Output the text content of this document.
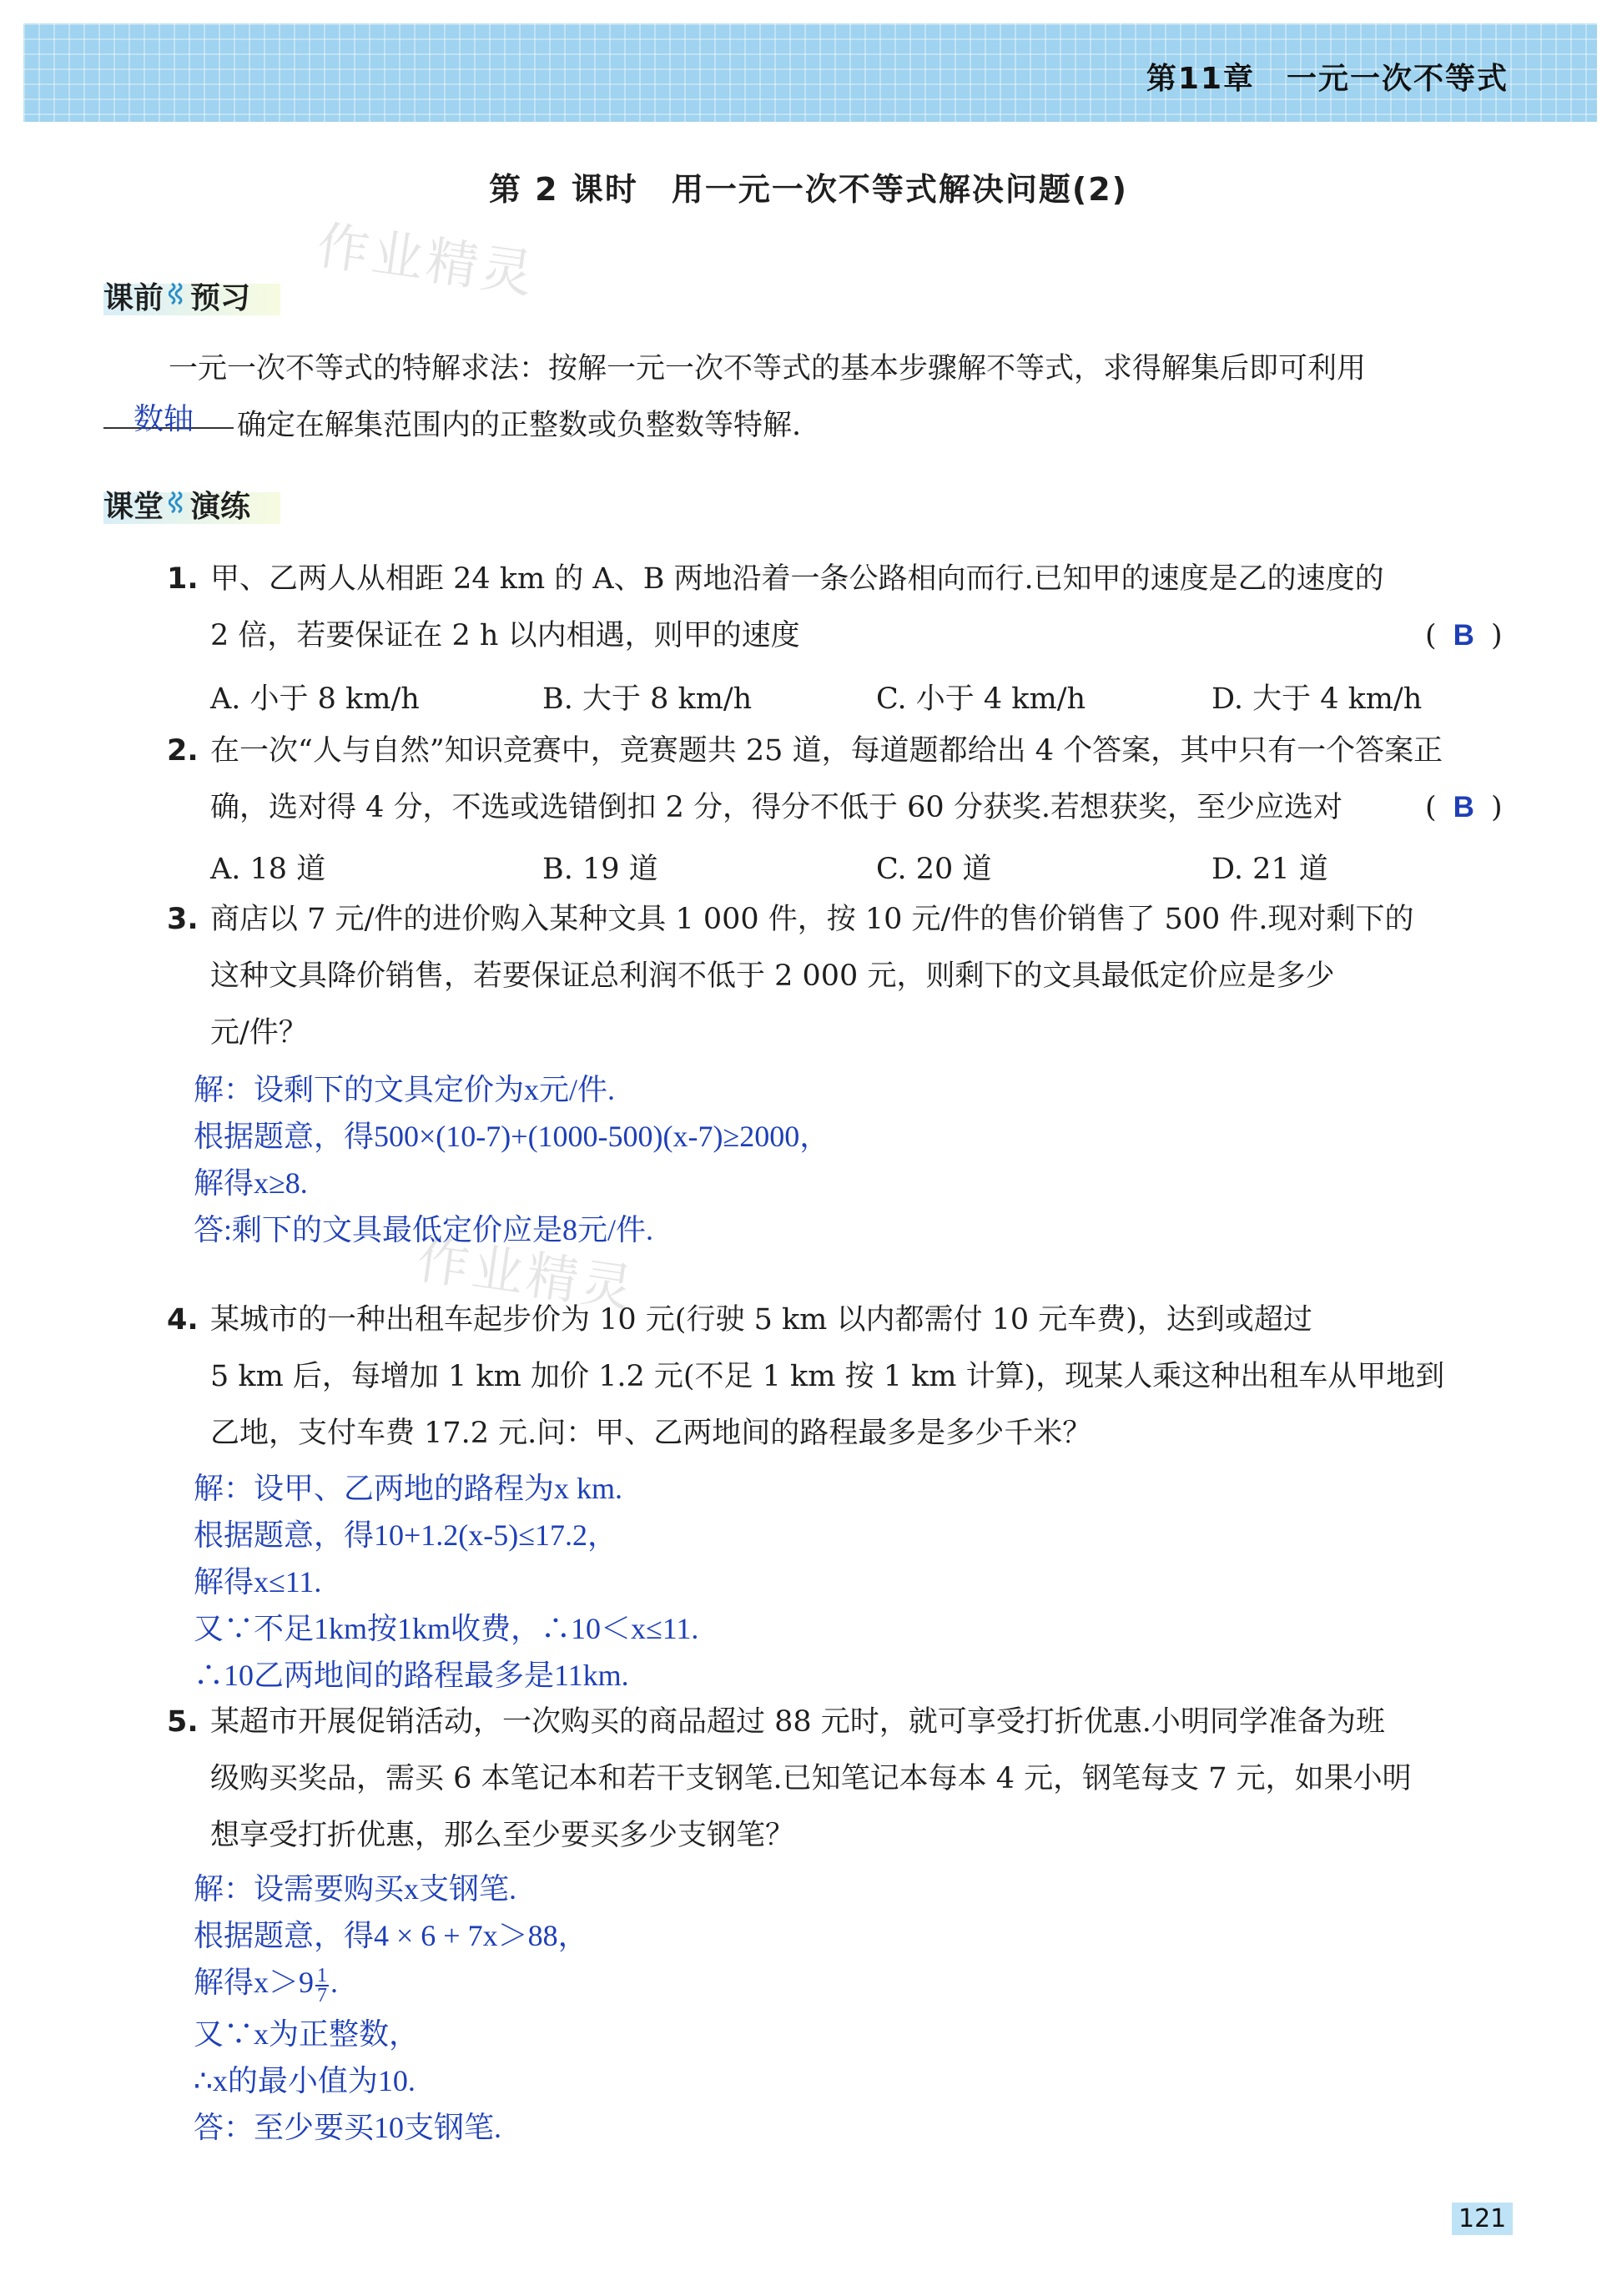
第11章　一元一次不等式
第 2 课时　用一元一次不等式解决问题(2)
作业精灵
作业精灵
课前 预习
一元一次不等式的特解求法：按解一元一次不等式的基本步骤解不等式，求得解集后即可利用
数轴 确定在解集范围内的正整数或负整数等特解.
课堂 演练
1. 甲、乙两人从相距 24 km 的 A、B 两地沿着一条公路相向而行.已知甲的速度是乙的速度的
2 倍，若要保证在 2 h 以内相遇，则甲的速度	( B )
A. 小于 8 km/h	B. 大于 8 km/h	C. 小于 4 km/h	D. 大于 4 km/h
2. 在一次“人与自然”知识竞赛中，竞赛题共 25 道，每道题都给出 4 个答案，其中只有一个答案正
确，选对得 4 分，不选或选错倒扣 2 分，得分不低于 60 分获奖.若想获奖，至少应选对	( B )
A. 18 道	B. 19 道	C. 20 道	D. 21 道
3. 商店以 7 元/件的进价购入某种文具 1 000 件，按 10 元/件的售价销售了 500 件.现对剩下的
这种文具降价销售，若要保证总利润不低于 2 000 元，则剩下的文具最低定价应是多少
元/件？
解：设剩下的文具定价为x元/件.
根据题意，得500×(10-7)+(1000-500)(x-7)≥2000，
解得x≥8.
答:剩下的文具最低定价应是8元/件.
4. 某城市的一种出租车起步价为 10 元(行驶 5 km 以内都需付 10 元车费)，达到或超过
5 km 后，每增加 1 km 加价 1.2 元(不足 1 km 按 1 km 计算)，现某人乘这种出租车从甲地到
乙地，支付车费 17.2 元.问：甲、乙两地间的路程最多是多少千米？
解：设甲、乙两地的路程为x km.
根据题意，得10+1.2(x-5)≤17.2，
解得x≤11.
又∵不足1km按1km收费，∴10＜x≤11.
∴10乙两地间的路程最多是11km.
5. 某超市开展促销活动，一次购买的商品超过 88 元时，就可享受打折优惠.小明同学准备为班
级购买奖品，需买 6 本笔记本和若干支钢笔.已知笔记本每本 4 元，钢笔每支 7 元，如果小明
想享受打折优惠，那么至少要买多少支钢笔？
解：设需要购买x支钢笔.
根据题意，得4 × 6 + 7x＞88，
解得$x>9 \frac{1}{7}$ .
又∵x为正整数，
∴x的最小值为10.
答：至少要买10支钢笔.
121
